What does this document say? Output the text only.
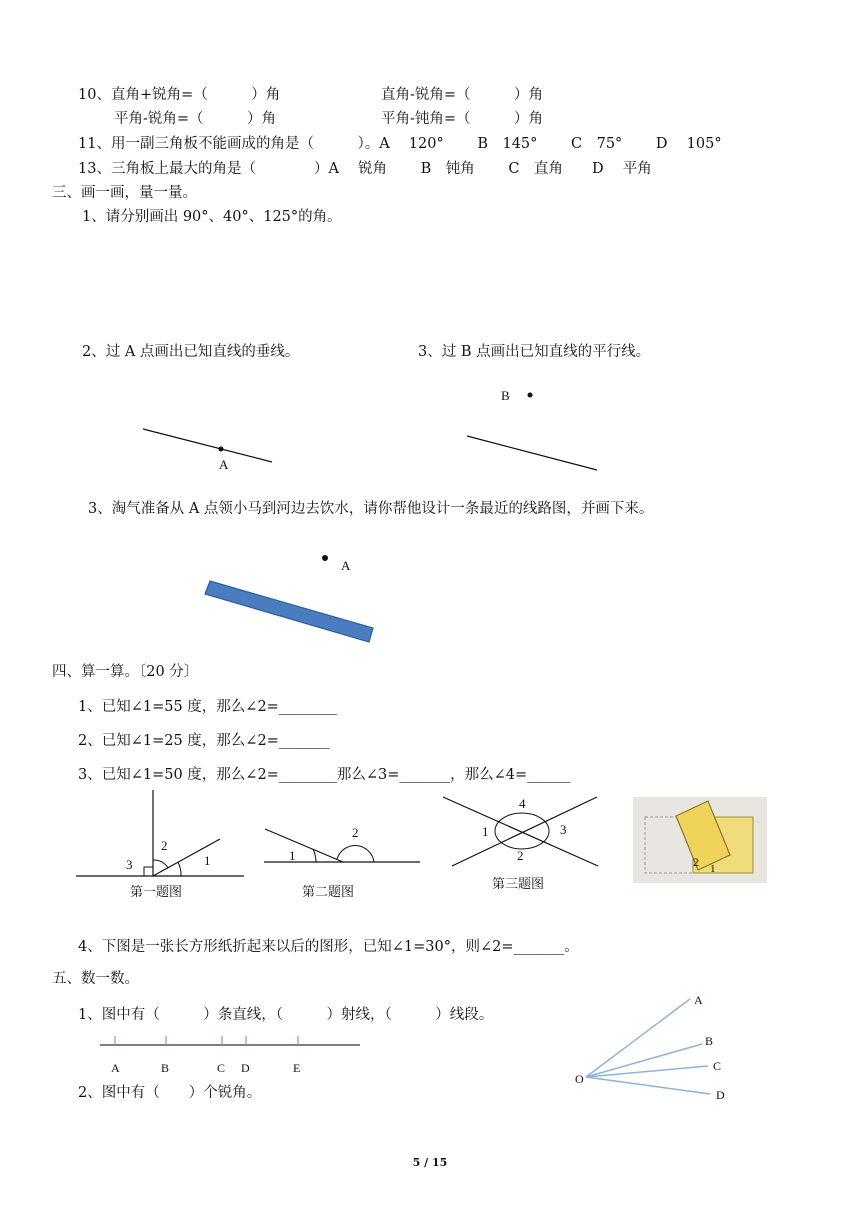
10、直角+锐角=（　　　）角	直角-锐角=（　　　）角
平角-锐角=（　　　）角	平角-钝角=（　　　）角
11、用一副三角板不能画成的角是（　　　）。A　 120°　　 B　145°　　 C　75°　　 D　 105°
13、三角板上最大的角是（　　　　）A　 锐角　　 B　钝角　　 C　直角　　D　 平角
三、画一画，量一量。
1、请分别画出 90°、40°、125°的角。
2、过 A 点画出已知直线的垂线。	3、过 B 点画出已知直线的平行线。
A
B
A
3、淘气准备从 A 点领小马到河边去饮水，请你帮他设计一条最近的线路图，并画下来。
四、算一算。〔20 分〕
1、已知∠1=55 度，那么∠2=________
2、已知∠1=25 度，那么∠2=_______
3、已知∠1=50 度，那么∠2=________那么∠3=_______，那么∠4=______
2
1
3
1
2
4
1	3
2
第一题图	第二题图
第三题图
2 1
4、下图是一张长方形纸折起来以后的图形，已知∠1=30°，则∠2=_______。
五、数一数。
1、图中有（　　　）条直线，（　　　）射线，（　　　）线段。
2、图中有（　　）个锐角。
A	B	C D	E
O
A
B
C
D
5 / 15
